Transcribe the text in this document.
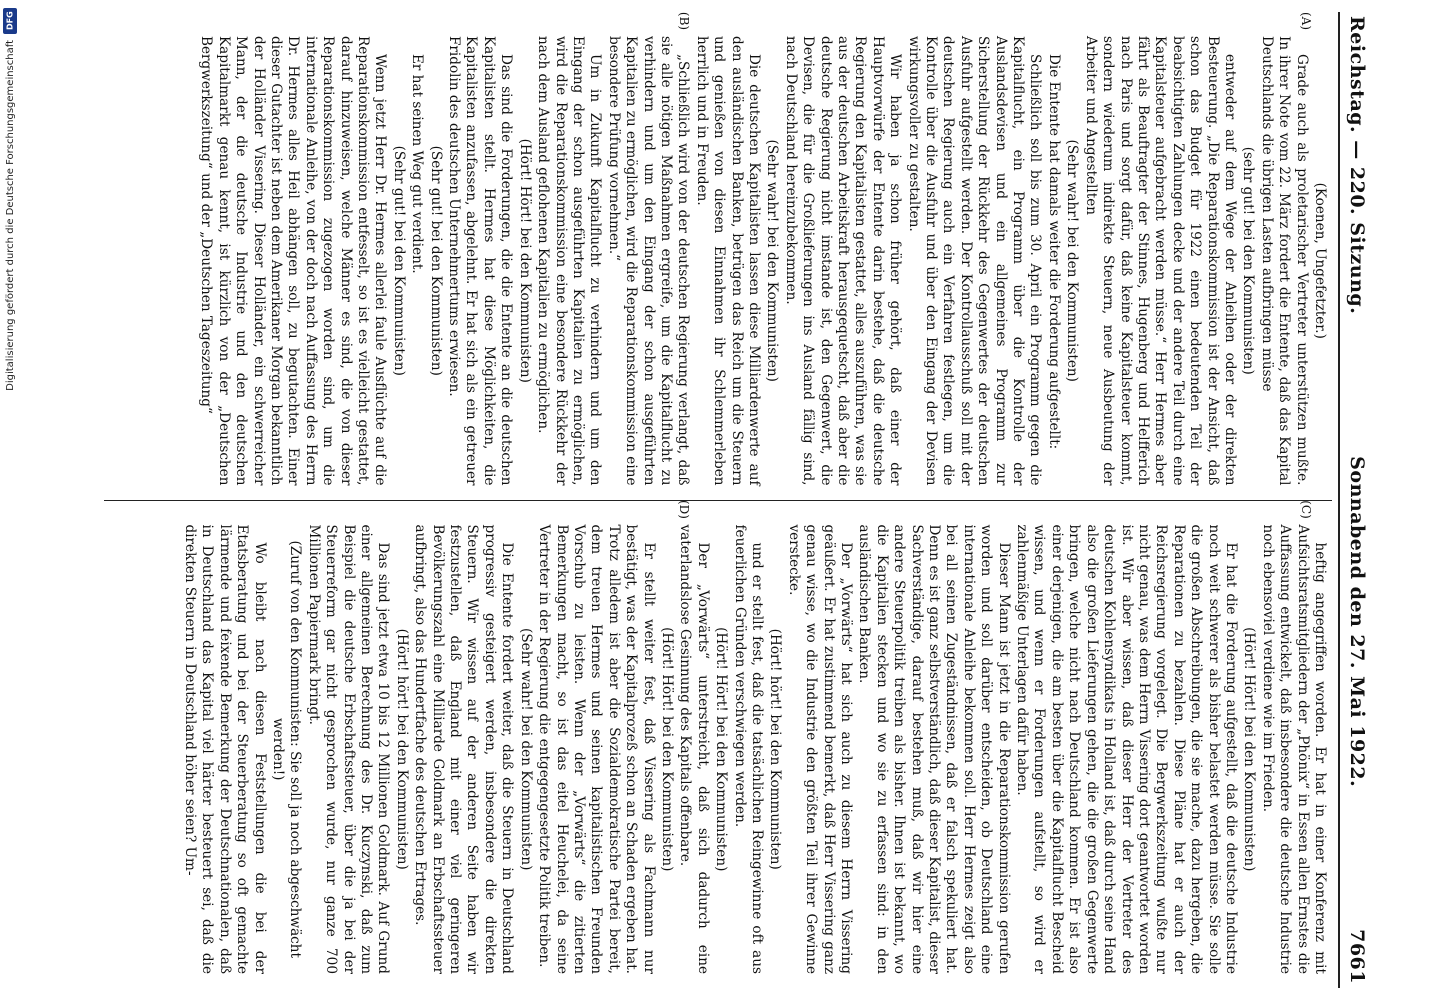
DFG
Digitalisierung gefördert durch die Deutsche Forschungsgemeinschaft	Reichstag. — 220. Sitzung.
Sonnabend den 27. Mai 1922.
7661
(A)
(B)

(Koenen, Ungefetzter.)

Grade auch als proletarischer Vertreter unterstützen mußte. In ihrer Note vom 22. März fordert die Entente, daß das Kapital Deutschlands die übrigen Lasten aufbringen müsse

(sehr gut! bei den Kommunisten)

entweder auf dem Wege der Anleihen oder der direkten Besteuerung. „Die Reparationskommission ist der Ansicht, daß schon das Budget für 1922 einen bedeutenden Teil der beabsichtigten Zahlungen decke und der andere Teil durch eine Kapitalsteuer aufgebracht werden müsse.“ Herr Hermes aber fährt als Beauftragter der Stinnes, Hugenberg und Helfferich nach Paris und sorgt dafür, daß keine Kapitalsteuer kommt, sondern wiederum indirekte Steuern, neue Ausbeutung der Arbeiter und Angestellten

(Sehr wahr! bei den Kommunisten)

Die Entente hat damals weiter die Forderung aufgestellt:

Schließlich soll bis zum 30. April ein Programm gegen die Kapitalflucht, ein Programm über die Kontrolle der Auslandsdevisen und ein allgemeines Programm zur Sicherstellung der Rückkehr des Gegenwertes der deutschen Ausfuhr aufgestellt werden. Der Kontrollausschuß soll mit der deutschen Regierung auch ein Verfahren festlegen, um die Kontrolle über die Ausfuhr und über den Eingang der Devisen wirkungsvoller zu gestalten.

Wir haben ja schon früher gehört, daß einer der Hauptvorwürfe der Entente darin bestehe, daß die deutsche Regierung den Kapitalisten gestattet, alles auszuführen, was sie aus der deutschen Arbeitskraft herausgequetscht, daß aber die deutsche Regierung nicht imstande ist, den Gegenwert, die Devisen, die für die Großlieferungen ins Ausland fällig sind, nach Deutschland hereinzubekommen.

(Sehr wahr! bei den Kommunisten)

Die deutschen Kapitalisten lassen diese Milliardenwerte auf den ausländischen Banken, betrügen das Reich um die Steuern und genießen von diesen Einnahmen ihr Schlemmerleben herrlich und in Freuden.

„Schließlich wird von der deutschen Regierung verlangt, daß sie alle nötigen Maßnahmen ergreife, um die Kapitalflucht zu verhindern und um den Eingang der schon ausgeführten Kapitalien zu ermöglichen, wird die Reparationskommission eine besondere Prüfung vornehmen.“

Um in Zukunft Kapitalflucht zu verhindern und um den Eingang der schon ausgeführten Kapitalien zu ermöglichen, wird die Reparationskommission eine besondere Rückkehr der nach dem Ausland geflohenen Kapitalien zu ermöglichen.

(Hört! Hört! bei den Kommunisten)

Das sind die Forderungen, die die Entente an die deutschen Kapitalisten stellt. Hermes hat diese Möglichkeiten, die Kapitalisten anzufassen, abgelehnt. Er hat sich als ein getreuer Fridolin des deutschen Unternehmertums erwiesen.

(Sehr gut! bei den Kommunisten)

Er hat seinen Weg gut verdient.

(Sehr gut! bei den Kommunisten)

Wenn jetzt Herr Dr. Hermes allerlei faule Ausflüchte auf die Reparationskommission entfesselt, so ist es vielleicht gestattet, darauf hinzuweisen, welche Männer es sind, die von dieser Reparationskommission zugezogen worden sind, um die internationale Anleihe, von der doch nach Auffassung des Herrn Dr. Hermes alles Heil abhängen soll, zu begutachten. Einer dieser Gutachter ist neben dem Amerikaner Morgan bekanntlich der Holländer Vissering. Dieser Holländer, ein schwerreicher Mann, der die deutsche Industrie und den deutschen Kapitalmarkt genau kennt, ist kürzlich von der „Deutschen Bergwerkszeitung“ und der „Deutschen Tageszeitung“

(C)
(D)

heftig angegriffen worden. Er hat in einer Konferenz mit Aufsichtsratsmitgliedern der „Phönix“ in Essen allen Ernstes die Auffassung entwickelt, daß insbesondere die deutsche Industrie noch ebensoviel verdiene wie im Frieden.

(Hört! Hört! bei den Kommunisten)

Er hat die Forderung aufgestellt, daß die deutsche Industrie noch weit schwerer als bisher belastet werden müsse. Sie solle die großen Abschreibungen, die sie mache, dazu hergeben, die Reparationen zu bezahlen. Diese Pläne hat er auch der Reichsregierung vorgelegt. Die Bergwerkszeitung wußte nur nicht genau, was dem Herrn Vissering dort geantwortet worden ist. Wir aber wissen, daß dieser Herr der Vertreter des deutschen Kohlensyndikats in Holland ist, daß durch seine Hand also die großen Lieferungen gehen, die die großen Gegenwerte bringen, welche nicht nach Deutschland kommen. Er ist also einer derjenigen, die am besten über die Kapitalflucht Bescheid wissen, und wenn er Forderungen aufstellt, so wird er zahlenmäßige Unterlagen dafür haben.

Dieser Mann ist jetzt in die Reparationskommission gerufen worden und soll darüber entscheiden, ob Deutschland eine internationale Anleihe bekommen soll. Herr Hermes zeigt also bei all seinen Zugeständnissen, daß er falsch spekuliert hat. Denn es ist ganz selbstverständlich, daß dieser Kapitalist, dieser Sachverständige, darauf bestehen muß, daß wir hier eine andere Steuerpolitik treiben als bisher. Ihnen ist bekannt, wo die Kapitalien stecken und wo sie zu erfassen sind: in den ausländischen Banken.

Der „Vorwärts“ hat sich auch zu diesem Herrn Vissering geäußert. Er hat zustimmend bemerkt, daß Herr Vissering ganz genau wisse, wo die Industrie den größten Teil ihrer Gewinne verstecke.

(Hört! hört! bei den Kommunisten)

und er stellt fest, daß die tatsächlichen Reingewinne oft aus feuerlichen Gründen verschwiegen werden.

(Hört! Hört! bei den Kommunisten)

Der „Vorwärts“ unterstreicht, daß sich dadurch eine vaterlandslose Gesinnung des Kapitals offenbare.

(Hört! Hört! bei den Kommunisten)

Er stellt weiter fest, daß Vissering als Fachmann nur bestätigt, was der Kapitalprozeß schon an Schaden ergeben hat. Trotz alledem ist aber die Sozialdemokratische Partei bereit, dem treuen Hermes und seinen kapitalistischen Freunden Vorschub zu leisten. Wenn der „Vorwärts“ die zitierten Bemerkungen macht, so ist das eitel Heuchelei, da seine Vertreter in der Regierung die entgegengesetzte Politik treiben.

(Sehr wahr! bei den Kommunisten)

Die Entente fordert weiter, daß die Steuern in Deutschland progressiv gesteigert werden, insbesondere die direkten Steuern. Wir wissen auf der anderen Seite haben wir festzustellen, daß England mit einer viel geringeren Bevölkerungszahl eine Milliarde Goldmark an Erbschaftssteuer aufbringt, also das Hundertfache des deutschen Ertrages.

(Hört! hört! bei den Kommunisten)

Das sind jetzt etwa 10 bis 12 Millionen Goldmark. Auf Grund einer allgemeinen Berechnung des Dr. Kuczynski, daß zum Beispiel die deutsche Erbschaftssteuer, über die ja bei der Steuerreform gar nicht gesprochen wurde, nur ganze 700 Millionen Papiermark bringt.

(Zuruf von den Kommunisten: Sie soll ja noch abgeschwächt werden!)

Wo bleibt nach diesen Feststellungen die bei der Etatsberatung und bei der Steuerberatung so oft gemachte lärmende und feixende Bemerkung der Deutschnationalen, daß in Deutschland das Kapital viel härter besteuert sei, daß die direkten Steuern in Deutschland höher seien? Um-
